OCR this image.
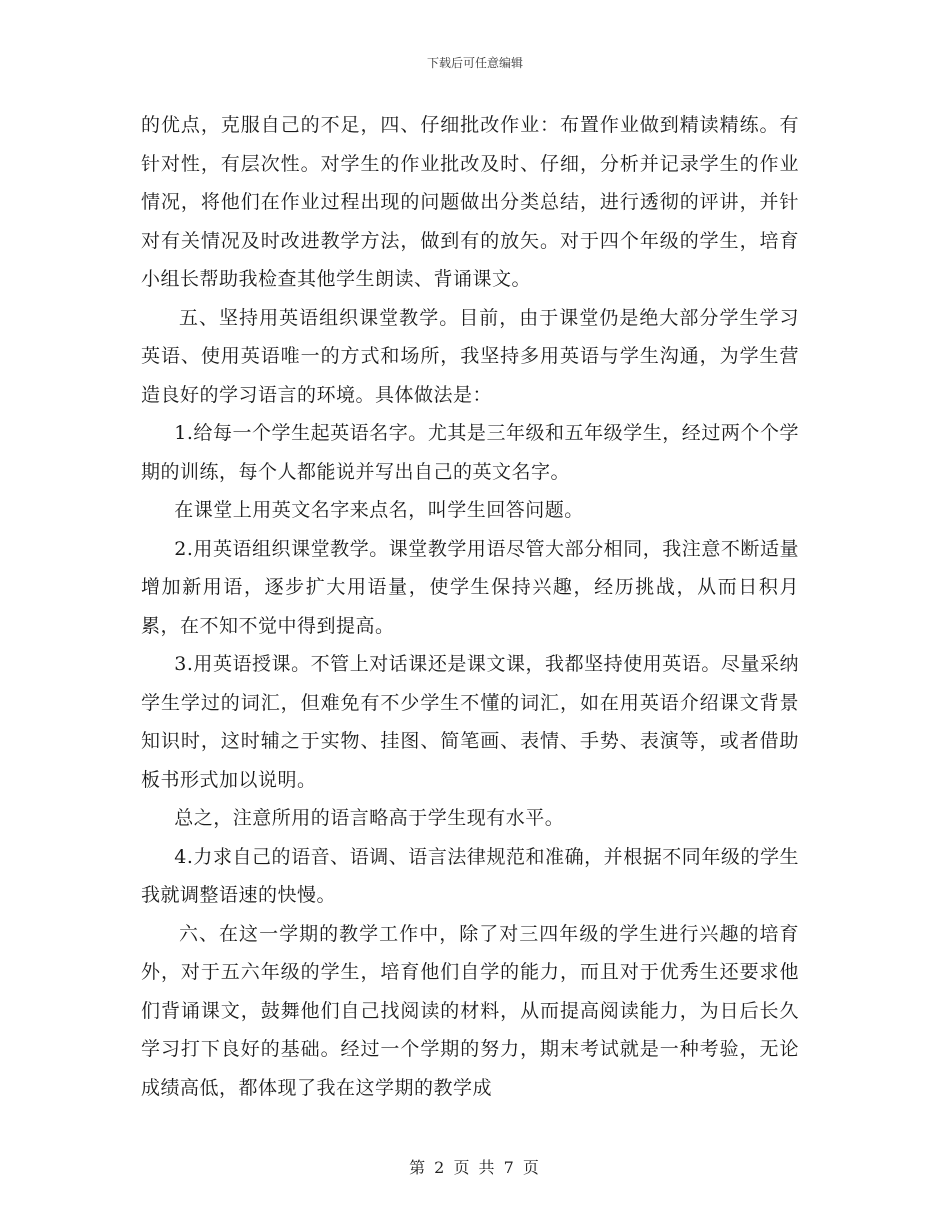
下载后可任意编辑

的优点，克服自己的不足，四、仔细批改作业：布置作业做到精读精练。有针对性，有层次性。对学生的作业批改及时、仔细，分析并记录学生的作业情况，将他们在作业过程出现的问题做出分类总结，进行透彻的评讲，并针对有关情况及时改进教学方法，做到有的放矢。对于四个年级的学生，培育小组长帮助我检查其他学生朗读、背诵课文。

五、坚持用英语组织课堂教学。目前，由于课堂仍是绝大部分学生学习英语、使用英语唯一的方式和场所，我坚持多用英语与学生沟通，为学生营造良好的学习语言的环境。具体做法是：

1.给每一个学生起英语名字。尤其是三年级和五年级学生，经过两个个学期的训练，每个人都能说并写出自己的英文名字。

在课堂上用英文名字来点名，叫学生回答问题。

2.用英语组织课堂教学。课堂教学用语尽管大部分相同，我注意不断适量增加新用语，逐步扩大用语量，使学生保持兴趣，经历挑战，从而日积月累，在不知不觉中得到提高。

3.用英语授课。不管上对话课还是课文课，我都坚持使用英语。尽量采纳学生学过的词汇，但难免有不少学生不懂的词汇，如在用英语介绍课文背景知识时，这时辅之于实物、挂图、简笔画、表情、手势、表演等，或者借助板书形式加以说明。

总之，注意所用的语言略高于学生现有水平。

4.力求自己的语音、语调、语言法律规范和准确，并根据不同年级的学生我就调整语速的快慢。

六、在这一学期的教学工作中，除了对三四年级的学生进行兴趣的培育外，对于五六年级的学生，培育他们自学的能力，而且对于优秀生还要求他们背诵课文，鼓舞他们自己找阅读的材料，从而提高阅读能力，为日后长久学习打下良好的基础。经过一个学期的努力，期末考试就是一种考验，无论成绩高低，都体现了我在这学期的教学成

第 2 页 共 7 页
